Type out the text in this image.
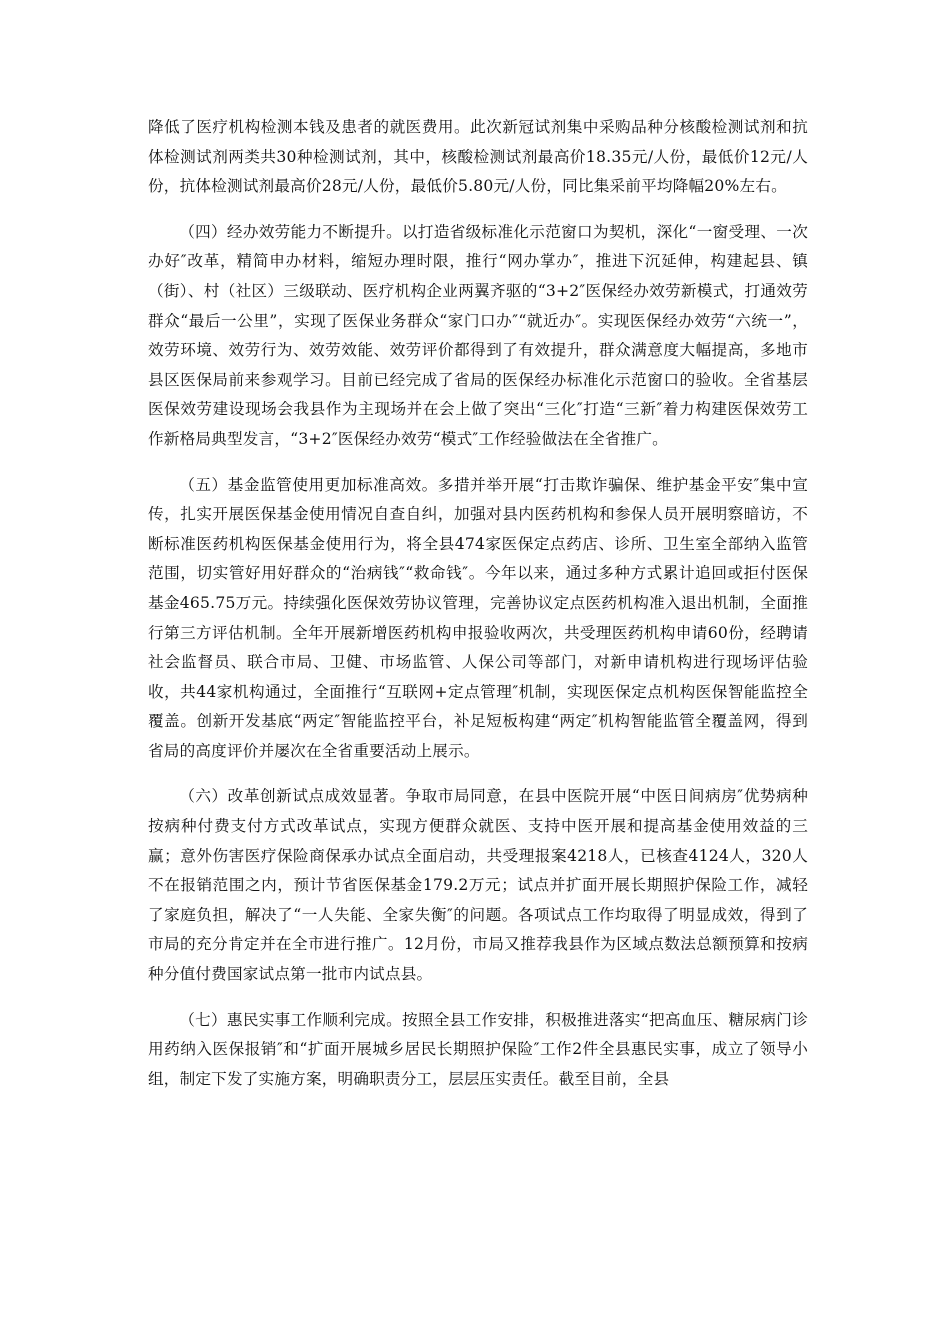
降低了医疗机构检测本钱及患者的就医费用。此次新冠试剂集中采购品种分核酸检测试剂和抗体检测试剂两类共30种检测试剂，其中，核酸检测试剂最高价18.35元/人份，最低价12元/人份，抗体检测试剂最高价28元/人份，最低价5.80元/人份，同比集采前平均降幅20%左右。

（四）经办效劳能力不断提升。以打造省级标准化示范窗口为契机，深化“一窗受理、一次办好″改革，精简申办材料，缩短办理时限，推行“网办掌办″，推进下沉延伸，构建起县、镇（街）、村（社区）三级联动、医疗机构企业两翼齐驱的“3+2″医保经办效劳新模式，打通效劳群众“最后一公里”，实现了医保业务群众“家门口办″“就近办″。实现医保经办效劳“六统一”，效劳环境、效劳行为、效劳效能、效劳评价都得到了有效提升，群众满意度大幅提高，多地市县区医保局前来参观学习。目前已经完成了省局的医保经办标准化示范窗口的验收。全省基层医保效劳建设现场会我县作为主现场并在会上做了突出“三化″打造“三新″着力构建医保效劳工作新格局典型发言，“3+2″医保经办效劳“模式″工作经验做法在全省推广。

（五）基金监管使用更加标准高效。多措并举开展“打击欺诈骗保、维护基金平安″集中宣传，扎实开展医保基金使用情况自查自纠，加强对县内医药机构和参保人员开展明察暗访，不断标准医药机构医保基金使用行为，将全县474家医保定点药店、诊所、卫生室全部纳入监管范围，切实管好用好群众的“治病钱″“救命钱″。今年以来，通过多种方式累计追回或拒付医保基金465.75万元。持续强化医保效劳协议管理，完善协议定点医药机构准入退出机制，全面推行第三方评估机制。全年开展新增医药机构申报验收两次，共受理医药机构申请60份，经聘请社会监督员、联合市局、卫健、市场监管、人保公司等部门，对新申请机构进行现场评估验收，共44家机构通过，全面推行“互联网+定点管理″机制，实现医保定点机构医保智能监控全覆盖。创新开发基底“两定″智能监控平台，补足短板构建“两定″机构智能监管全覆盖网，得到省局的高度评价并屡次在全省重要活动上展示。

（六）改革创新试点成效显著。争取市局同意，在县中医院开展“中医日间病房″优势病种按病种付费支付方式改革试点，实现方便群众就医、支持中医开展和提高基金使用效益的三赢；意外伤害医疗保险商保承办试点全面启动，共受理报案4218人，已核查4124人，320人不在报销范围之内，预计节省医保基金179.2万元；试点并扩面开展长期照护保险工作，减轻了家庭负担，解决了“一人失能、全家失衡″的问题。各项试点工作均取得了明显成效，得到了市局的充分肯定并在全市进行推广。12月份，市局又推荐我县作为区域点数法总额预算和按病种分值付费国家试点第一批市内试点县。

（七）惠民实事工作顺利完成。按照全县工作安排，积极推进落实“把高血压、糖尿病门诊用药纳入医保报销″和“扩面开展城乡居民长期照护保险″工作2件全县惠民实事，成立了领导小组，制定下发了实施方案，明确职责分工，层层压实责任。截至目前，全县
